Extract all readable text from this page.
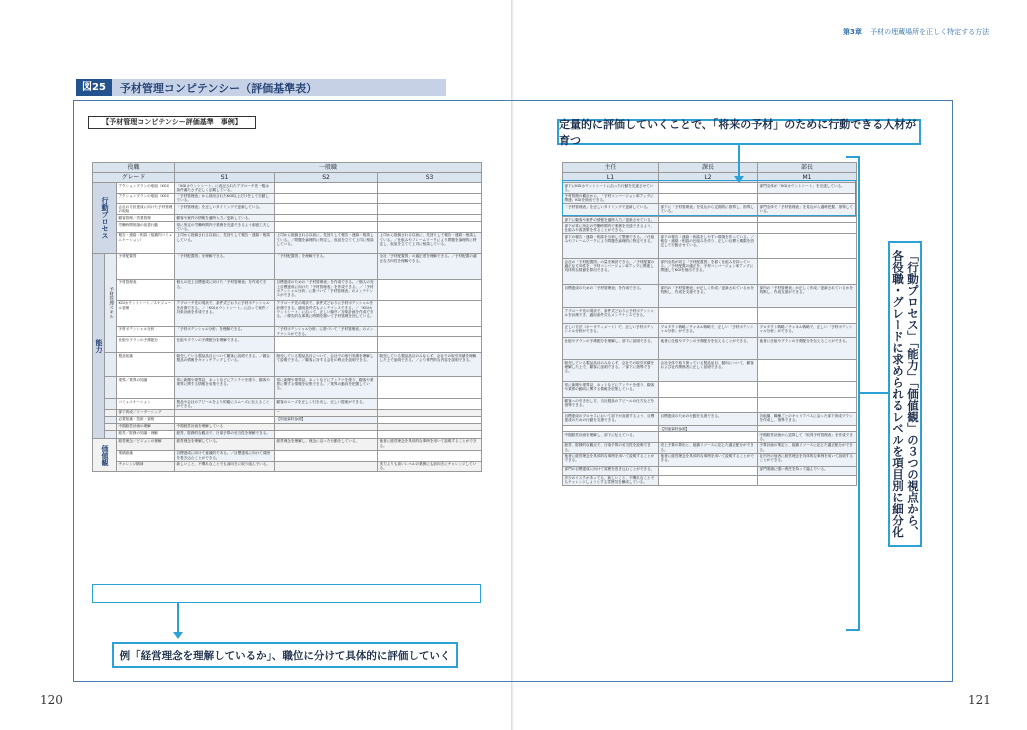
第3章 予材の埋蔵場所を正しく特定する方法
図25	予材管理コンピテンシー（評価基準表）
【予材管理コンピテンシー評価基準　事例】
役職			一般職		
グレード			S1	S2	S3
行動プロセス		アクションプランの取組（KGI）	「KGIカウントシート」に表記されたアプローチ先一覧は条件満たさず正しく記載している。		
		アクションプランの取組（KGI）	「予材管理表」から抽出されたKGI以上だけをして行動している。		
		会社の方針達成に向けた予材管理の取組	「予材管理表」を正しいタイミングで更新している。		
		顧客管理／営業管理	顧客や案件の情報を適時入力／更新している。		
		労働時間短縮の改善行動	常に所定の労働時間内で業務を完遂できるよう創意工夫している。		
		報告・連絡・相談（組織内コミュニケーション）	上司から指摘される以前に、先回りして報告・連絡・相談している。	上司から指摘される以前に、先回りして報告・連絡・相談している。／問題を論理的に特定し、仮説を立てて上司に相談している。	上司から指摘される以前に、先回りして報告・連絡・相談している。／仕組みやフレームワークにより問題を論理的に特定し、仮説を立てて上司に相談している。
能力	予材管理スキル	予材配置図	「予材配置図」を理解できる。	「予材配置図」を理解できる。	全社「予材配置図」の適正度を理解できる。／予材配置の適正な方向性を理解できる。
		予材管理表	個人の売上目標達成に向けた「予材管理表」を作成できる。	目標達成のための「予材管理表」を作成できる。／個人の売上目標達成に向けた「予材管理表」を作成できる。／「予材ポテンシャル分析」に基づいて「予材管理表」のメンテナンスができる。	
		KGIカウントシート／スケジュール管理	アプローチ先の現状で、条件式どおりに予材ポテンシャルを計測できる。／「KGIカウントシート」に沿って案件／対象計画を作成できる。	アプローチ先の現状で、条件式どおりに予材ポテンシャルを計測できる。適用条件式もメンテナンスできる。／「KGIカウントシート」に沿って、正しい順序／対象計画を作成できる。／優先的な事業に時間を割いて予材管理を回している。	
		予材ポテンシャル分析	「予材ポテンシャル分析」を理解できる。	「予材ポテンシャル分析」に基づいて「予材管理表」のメンテナンスができる。	
		仕組やプランの予測配分	仕組やプランの予測配分を理解できる。		
		製品知識	販売している製品品目について顧客に説明できる。／競合製品の情報をキャッチアップしている。	販売している製品品目について、会社での取引実績を理解して説明できる。／顧客に対する会社の利点を説明できる。	販売している製品品目のみならず、会社での取引実績を理解した上で説明できる。／より専門的な内容を説明できる。
		業界／業界の知識	常に新聞や業界誌、ネットなどにアンテナを張り、顧客や業界に関する情報を収集できる。	常に新聞や業界誌、ネットなどにアンテナを張り、顧客や業界に関する情報を収集できる。／業界の動向を把握している。	
		コミュニケーション	製品や会社のアピールをより的確にスムーズに伝えることができる。	顧客のニーズを正しく引き出し、正しい提案ができる。	
		部下育成／リーダーシップ		ー	
		必要知識・技術・資格		【別途資料参照】	
		中期経営計画の理解	中期経営計画を理解している		
		経営／財務の知識・理解	経営、財務的な観点で、日頃予算の妥当性を理解できる。		
価値観		経営理念／ビジョンの理解	経営理念を理解している。	経営理念を理解し、理念に沿った行動をしている。	他者に経営理念を具体的な事例を用いて説明することができる。
		業績意識	目標達成に向けて意識的である。／目標達成に向けて周囲を巻き込むことができる。		
		チャレンジ精神	新しいこと、不慣れなことでも前向きに取り組んでいる。		実力よりも高いレベルの業務にも前向きにチャレンジしている。
主任	課長	部長
L1	L2	M1
部下にKGIカウントシートに沿った行動を完遂させている。		部門全体が「KGIカウントシート」を完遂している。
予材管理の観点から、「予材コンバージョン率アップに関連」KGIを抽出できる。		
「予材管理表」を正しいタイミングで更新している。	部下に「予材管理表」を見ながら定期的に指導し、指導している。	部門全体で「予材管理表」を見ながら適時把握、指導している。
部下に顧客や案件の情報を適時入力／更新させている。		
部下が常に所定の労働時間内で業務を完遂できるよう、仕組みや改善策を作ることができる。		
部下の報告・連絡・相談を分析して整理できる。／仕組みやフレームワークにより問題を論理的に特定できる。	部下の報告・連絡・相談をしやすい環境を作っている。／報告・連絡・相談の仕組みを作り、正しい目標と期限を設定して行動させている。	
会社の「予材配置図」の量を検討できる。／予材配置の適正な方向性を、予材コンバージョン率アップに関連し具体的な数値を算出できる。	部内全員が同じ「予材配置図」を描く仕組みを持っている。／予材配置の適正を、予材コンバージョン率アップに関連してKGIを抽出できる。	
目標達成のための「予材管理表」を作成できる。	部内の「予材管理表」が正しく作成／更新されているかを判断し、作成を支援できる。	部内の「予材管理表」が正しく作成／更新されているかを判断し、作成支援ができる。
アプローチ先の現状で、条件式どおりに予材ポテンシャルを計測でき、適用条件式もメンテナンスできる。		
正しい方法（ポーダティメート）で、正しい予材ポテンシャル分析ができる。	プロダクト戦略／チャネル戦略で、正しい「予材ポテンシャル分析」ができる。	プロダクト戦略／チャネル戦略で、正しい「予材ポテンシャル分析」ができる。
仕組やプランの予測配分を理解し、部下に説明できる。	他者に仕組やプランの予測配分を伝えることができる。	他者に仕組やプランの予測配分を伝えることができる。
販売している製品品目のみならず、会社での取引実績を理解した上で、顧客に説明できる。／部下に指導できる。	会社全体で取り扱っている製品品目、動向について、顧客および社内関係者に正しく説明できる。	
常に新聞や業界誌、ネットなどにアンテナを張り、顧客や業界の動向に関する情報を収集している。		
顧客への引き出し方、当社製品のアピールの仕方などを指導できる。		
目標達成のプロセスにおいて部下が直面するよう、目標達成のための行動を支援できる。	目標達成のための行動を支援できる。	各組織、職種ごとのキャリアパスに沿った部下育成プランを作成し、指導できる。
	【別途資料参照】	
中期経営計画を理解し、部下に伝えている。		中期経営計画から逆算して「取得予材管理表」を作成できる。
経営、財務的な観点で、日頃予算の妥当性を説明できる。	売上予算の算出と、組織リソースに応じた適正配分ができる。	予算計画の策定と、組織リソースに応じた適正配分ができる。
他者に経営理念を具体的な事例を用いて説明することができる。	他者に経営理念を具体的な事例を用いて説明することができる。	社内外の他者に経営理念を具体的な事例を用いて説明することができる。
部門の目標達成に向けて周囲を巻き込むことができる。		部門業績に強い責任を持って臨んでいる。
多少のリスクがあっても、新しいこと、不慣れなことでもチャレンジしようとする雰囲気を醸成している。		
定量的に評価していくことで、「将来の予材」のために行動できる人材が育つ
例「経営理念を理解しているか」、職位に分けて具体的に評価していく
「行動プロセス」「能力」「価値観」の３つの視点から、各役職・グレードに求められるレベルを項目別に細分化
120	121
